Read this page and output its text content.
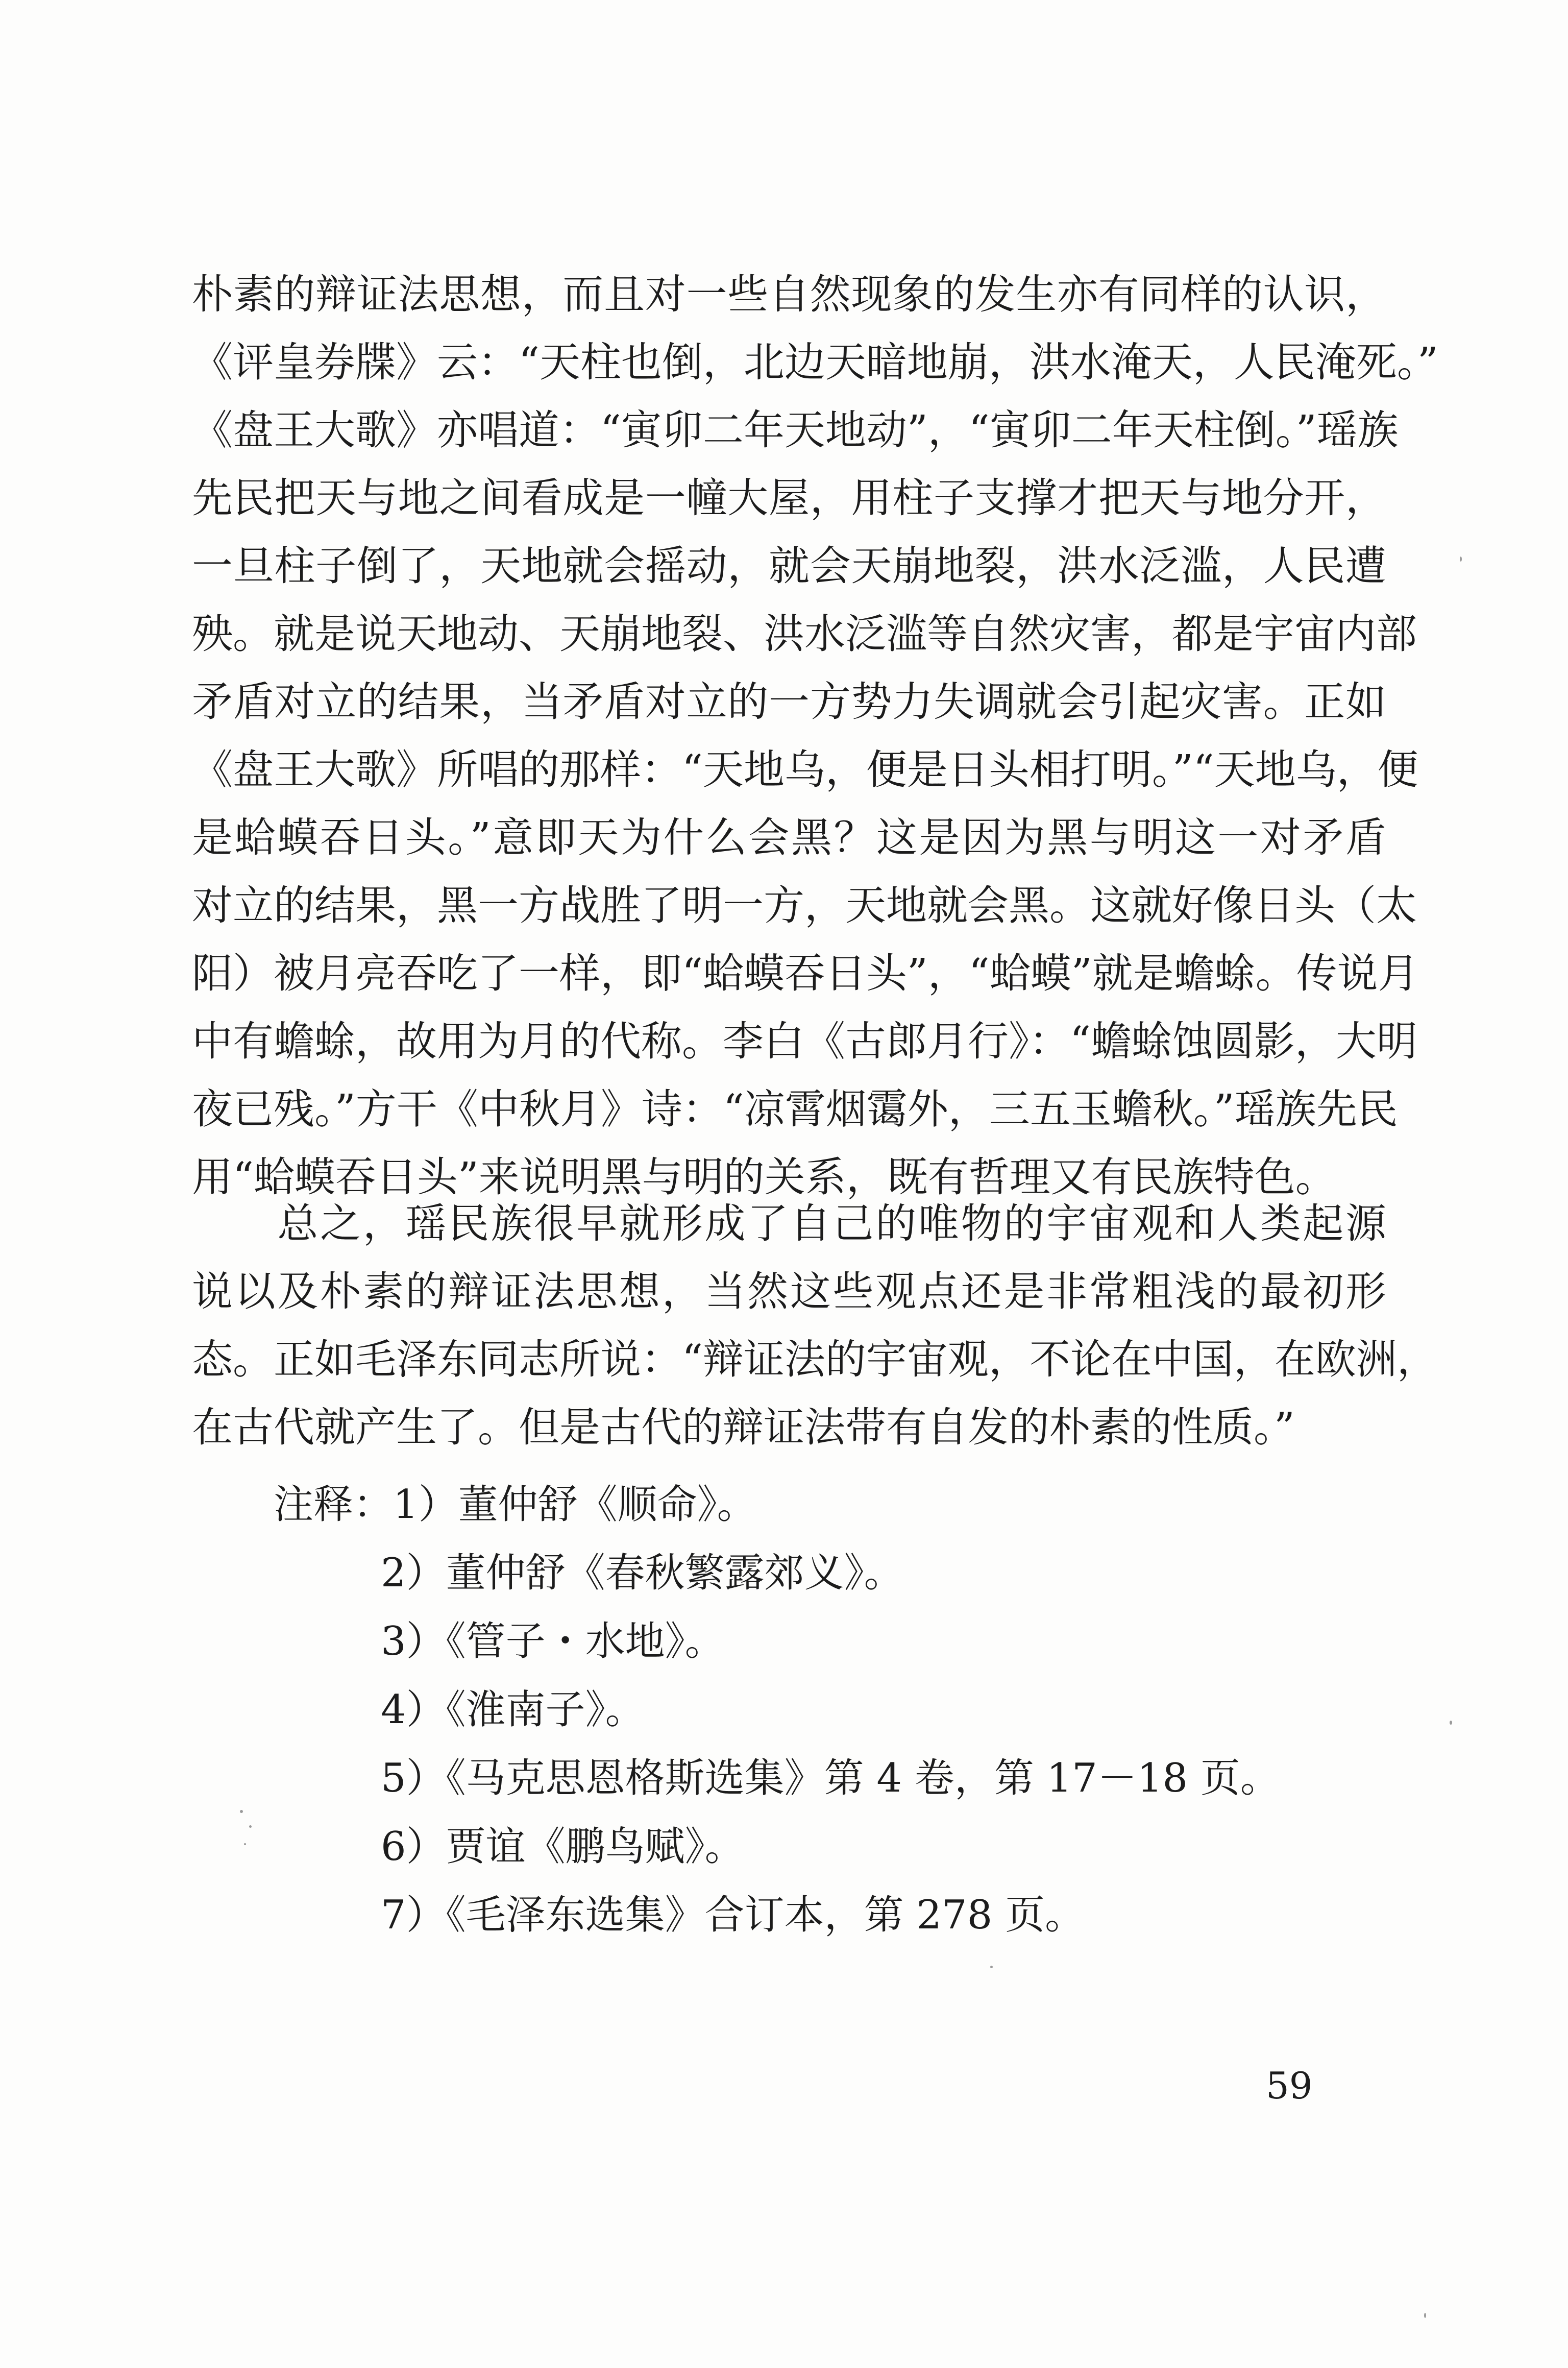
朴素的辩证法思想，而且对一些自然现象的发生亦有同样的认识，
《评皇券牒》云：“天柱也倒，北边天暗地崩，洪水淹天，人民淹死。”
《盘王大歌》亦唱道：“寅卯二年天地动”，“寅卯二年天柱倒。”瑶族
先民把天与地之间看成是一幢大屋，用柱子支撑才把天与地分开，
一旦柱子倒了，天地就会摇动，就会天崩地裂，洪水泛滥，人民遭
殃。就是说天地动、天崩地裂、洪水泛滥等自然灾害，都是宇宙内部
矛盾对立的结果，当矛盾对立的一方势力失调就会引起灾害。正如
《盘王大歌》所唱的那样：“天地乌，便是日头相打明。”“天地乌，便
是蛤蟆吞日头。”意即天为什么会黑？这是因为黑与明这一对矛盾
对立的结果，黑一方战胜了明一方，天地就会黑。这就好像日头（太
阳）被月亮吞吃了一样，即“蛤蟆吞日头”，“蛤蟆”就是蟾蜍。传说月
中有蟾蜍，故用为月的代称。李白《古郎月行》：“蟾蜍蚀圆影，大明
夜已残。”方干《中秋月》诗：“凉霄烟霭外，三五玉蟾秋。”瑶族先民
用“蛤蟆吞日头”来说明黑与明的关系，既有哲理又有民族特色。
　　总之，瑶民族很早就形成了自己的唯物的宇宙观和人类起源
说以及朴素的辩证法思想，当然这些观点还是非常粗浅的最初形
态。正如毛泽东同志所说：“辩证法的宇宙观，不论在中国，在欧洲，
在古代就产生了。但是古代的辩证法带有自发的朴素的性质。”
注释：1）董仲舒《顺命》。
2）董仲舒《春秋繁露郊义》。
3）《管子・水地》。
4）《淮南子》。
5）《马克思恩格斯选集》第 4 卷，第 17－18 页。
6）贾谊《鹏鸟赋》。
7）《毛泽东选集》合订本，第 278 页。
59
